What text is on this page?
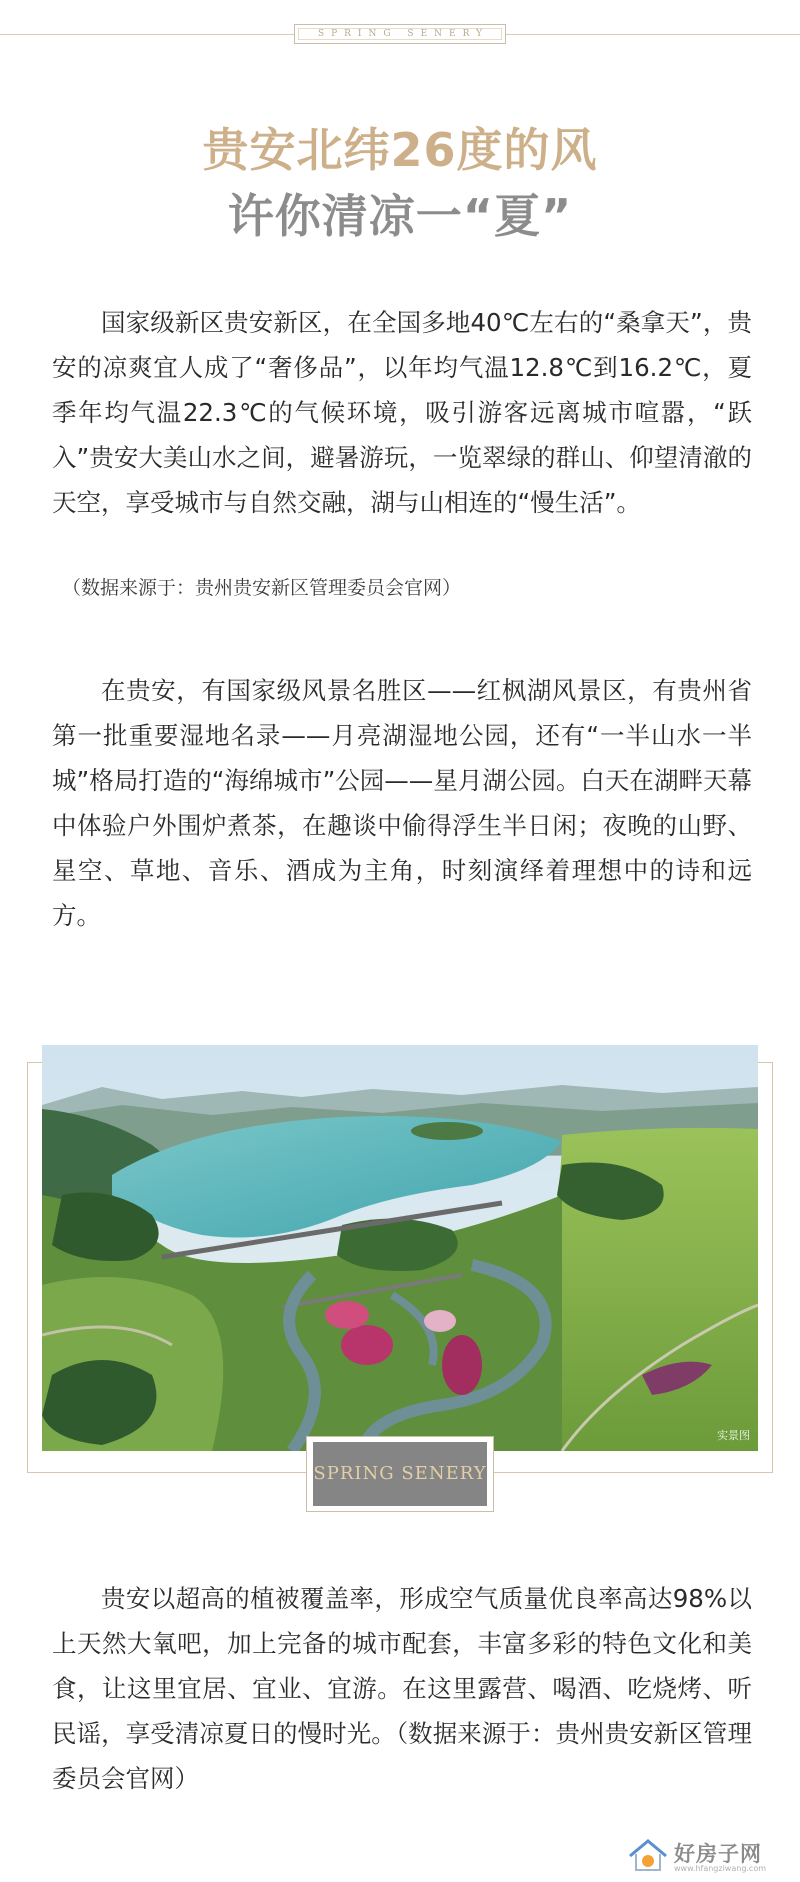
SPRING SENERY
贵安北纬26度的风
许你清凉一“夏”

国家级新区贵安新区，在全国多地40℃左右的“桑拿天”，贵安的凉爽宜人成了“奢侈品”，以年均气温12.8℃到16.2℃，夏季年均气温22.3℃的气候环境，吸引游客远离城市喧嚣，“跃入”贵安大美山水之间，避暑游玩，一览翠绿的群山、仰望清澈的天空，享受城市与自然交融，湖与山相连的“慢生活”。

（数据来源于：贵州贵安新区管理委员会官网）

在贵安，有国家级风景名胜区——红枫湖风景区，有贵州省第一批重要湿地名录——月亮湖湿地公园，还有“一半山水一半城”格局打造的“海绵城市”公园——星月湖公园。白天在湖畔天幕中体验户外围炉煮茶，在趣谈中偷得浮生半日闲；夜晚的山野、星空、草地、音乐、酒成为主角，时刻演绎着理想中的诗和远方。

实景图
SPRING SENERY

贵安以超高的植被覆盖率，形成空气质量优良率高达98%以上天然大氧吧，加上完备的城市配套，丰富多彩的特色文化和美食，让这里宜居、宜业、宜游。在这里露营、喝酒、吃烧烤、听民谣，享受清凉夏日的慢时光。（数据来源于：贵州贵安新区管理委员会官网）

好房子网
www.hfangziwang.com
